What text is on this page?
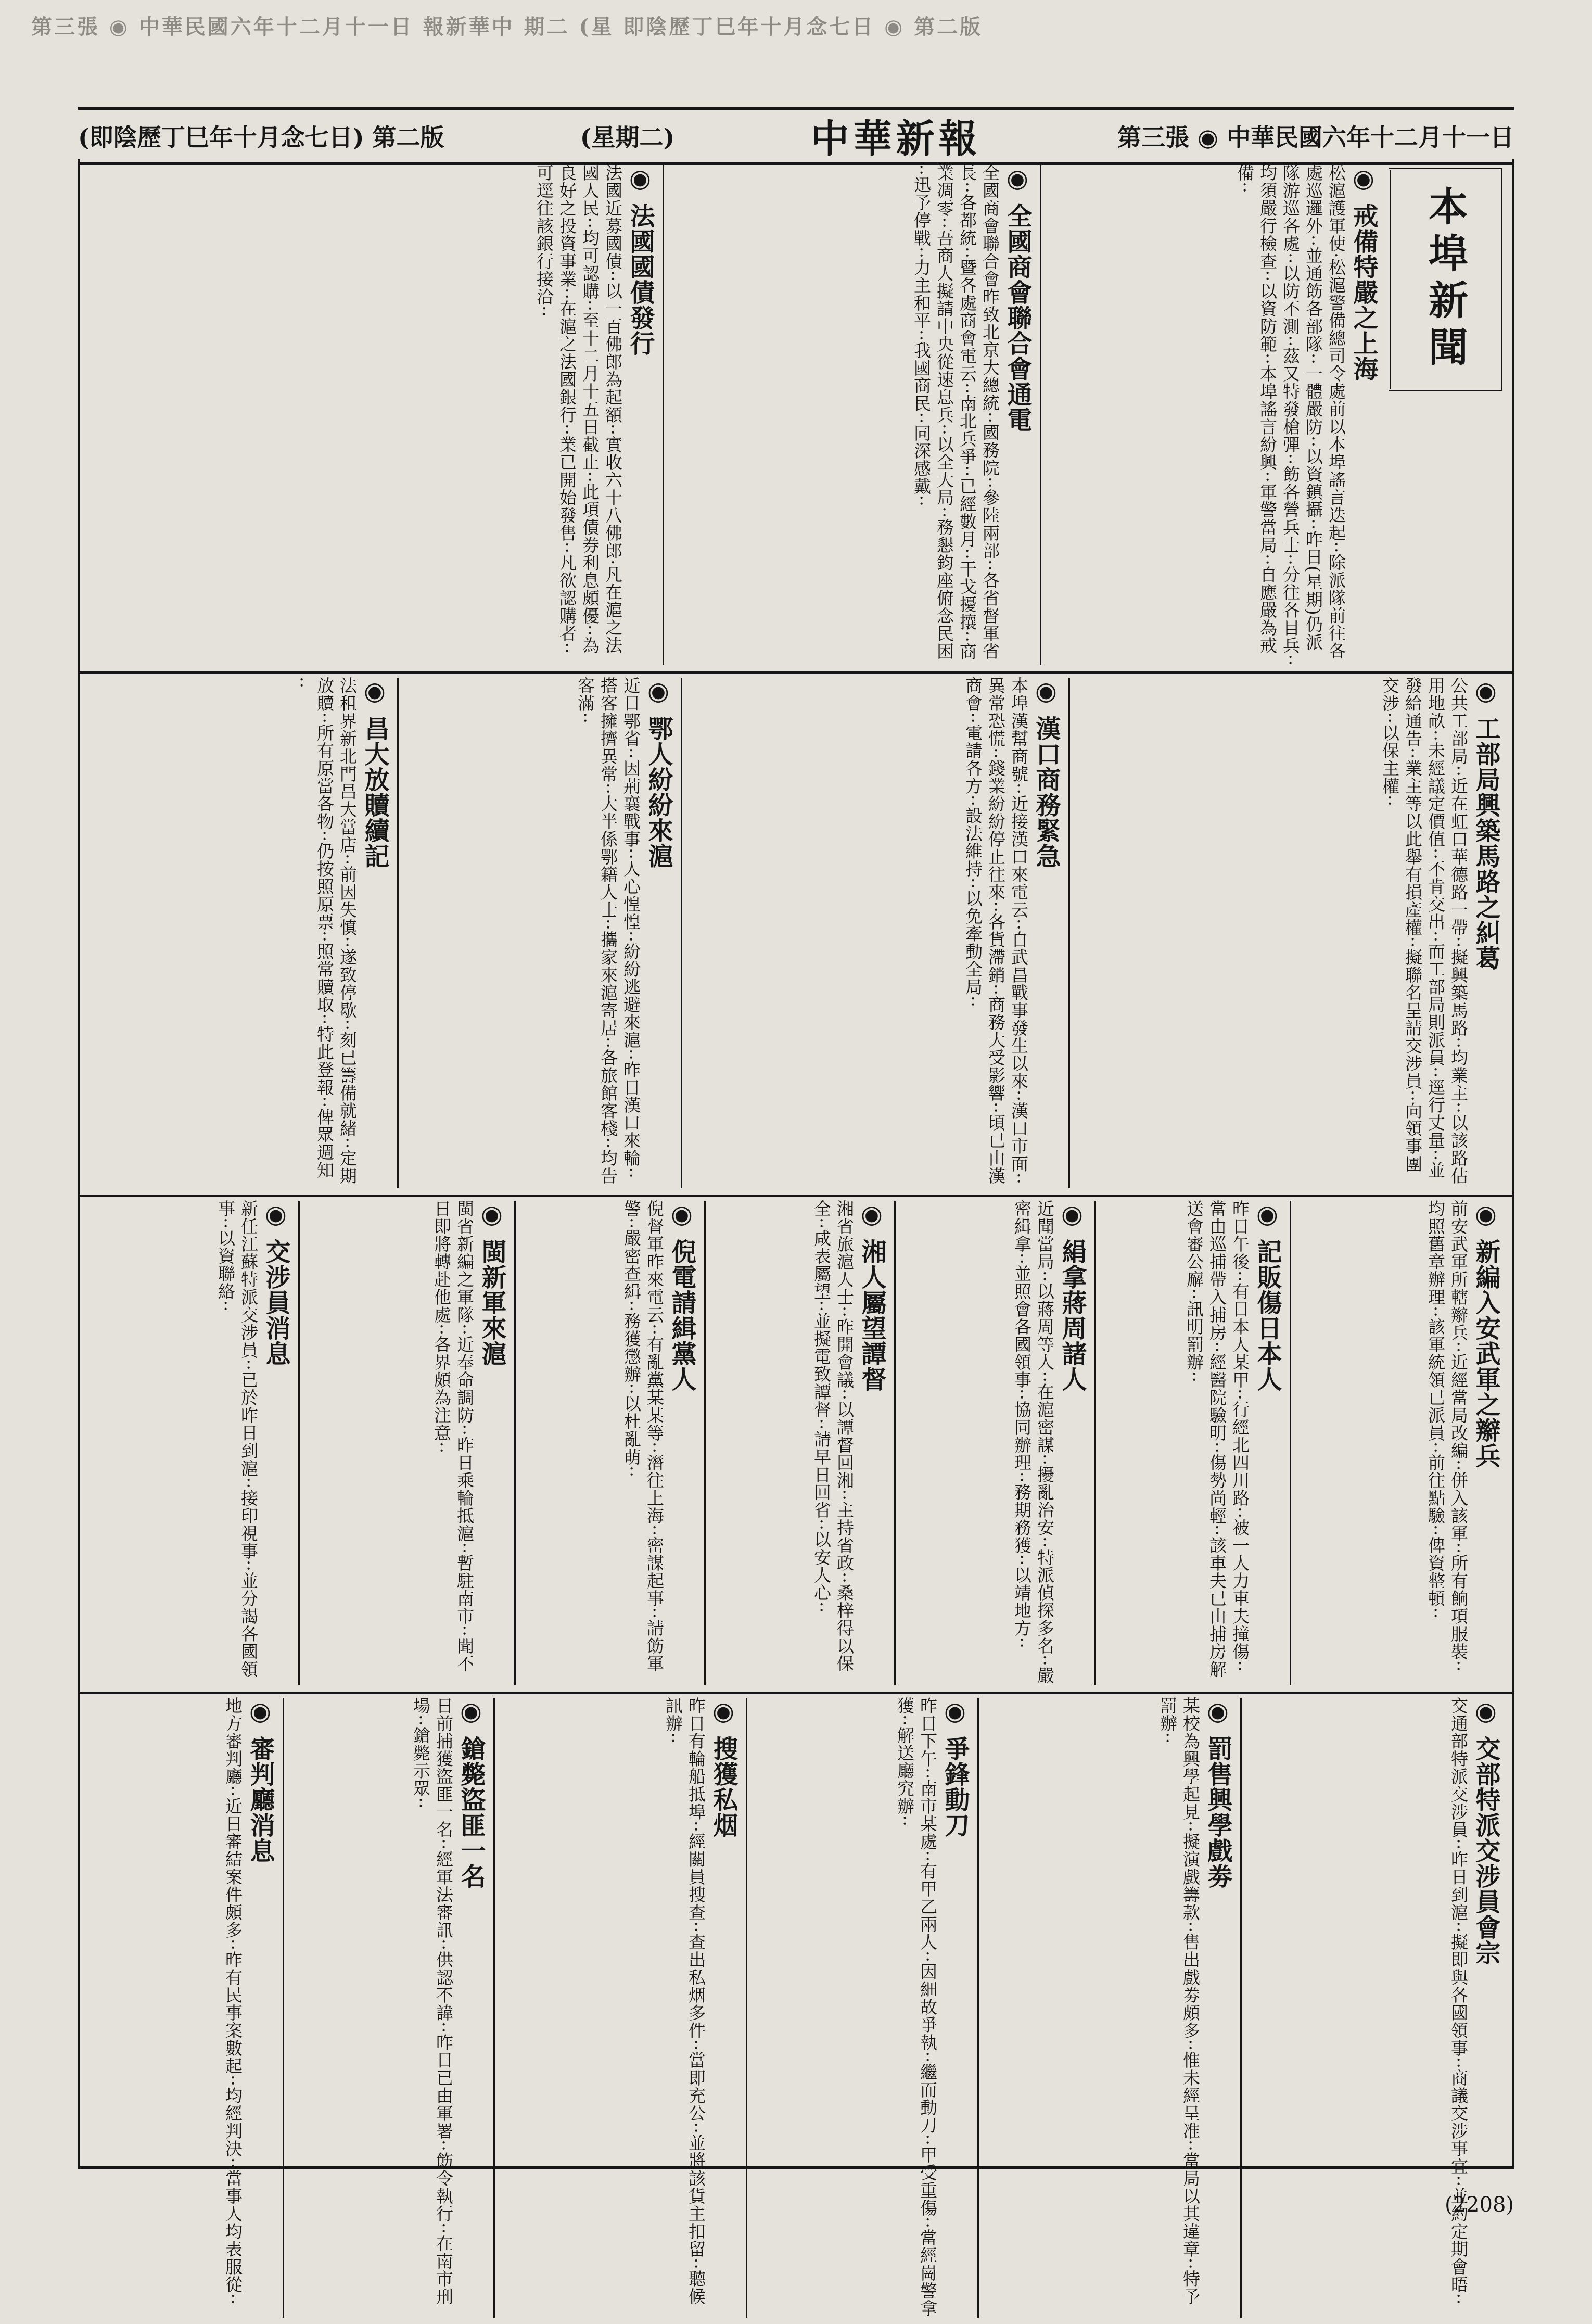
第三張 ◉ 中華民國六年十二月十一日 報新華中 期二 (星 即陰歷丁巳年十月念七日 ◉ 第二版
(即陰歷丁巳年十月念七日) 第二版	(星期二)	中華新報	第三張 ◉ 中華民國六年十二月十一日
本埠新聞
◉ 戒備特嚴之上海
松滬護軍使·松滬警備總司令處前以本埠謠言迭起··除派隊前往各處巡邏外··並通飭各部隊··一體嚴防··以資鎮攝··昨日(星期)仍派隊游巡各處··以防不測··茲又特發槍彈··飭各營兵士··分往各目兵··均須嚴行檢查··以資防範··本埠謠言紛興··軍警當局··自應嚴為戒備··
◉ 全國商會聯合會通電
全國商會聯合會昨致北京大總統··國務院··參陸兩部··各省督軍省長··各都統··暨各處商會電云··南北兵爭··已經數月··干戈擾攘··商業凋零··吾商人擬請中央從速息兵··以全大局··務懇鈞座俯念民困··迅予停戰··力主和平··我國商民··同深感戴··
◉ 法國國債發行
法國近募國債··以一百佛郎為起額··實收六十八佛郎·凡在滬之法國人民··均可認購··至十二月十五日截止··此項債券利息頗優··為良好之投資事業··在滬之法國銀行··業已開始發售··凡欲認購者··可逕往該銀行接洽··
◉ 工部局興築馬路之糾葛
公共工部局··近在虹口華德路一帶··擬興築馬路··均業主··以該路佔用地畝··未經議定價值··不肯交出··而工部局則派員··逕行丈量··並發給通告··業主等以此舉有損產權··擬聯名呈請交涉員··向領事團交涉··以保主權··
◉ 漢口商務緊急
本埠漢幫商號··近接漢口來電云··自武昌戰事發生以來··漢口市面··異常恐慌··錢業紛紛停止往來··各貨滯銷··商務大受影響··頃已由漢商會··電請各方··設法維持··以免牽動全局··
◉ 鄂人紛紛來滬
近日鄂省··因荊襄戰事··人心惶惶··紛紛逃避來滬··昨日漢口來輪··搭客擁擠異常··大半係鄂籍人士··攜家來滬寄居··各旅館客棧··均告客滿··
◉ 昌大放贖續記
法租界新北門昌大當店··前因失慎··遂致停歇··刻已籌備就緒··定期放贖··所有原當各物··仍按照原票··照常贖取··特此登報··俾眾週知··
◉ 新編入安武軍之辮兵
前安武軍所轄辮兵··近經當局改編··併入該軍··所有餉項服裝··均照舊章辦理··該軍統領已派員··前往點驗··俾資整頓··
◉ 記販傷日本人
昨日午後··有日本人某甲··行經北四川路··被一人力車夫撞傷··當由巡捕帶入捕房··經醫院驗明··傷勢尚輕··該車夫已由捕房解送會審公廨··訊明罰辦··
◉ 絹拿蔣周諸人
近聞當局··以蔣周等人··在滬密謀··擾亂治安··特派偵探多名··嚴密緝拿··並照會各國領事··協同辦理··務期務獲··以靖地方··
◉ 湘人屬望譚督
湘省旅滬人士··昨開會議··以譚督回湘··主持省政··桑梓得以保全··咸表屬望··並擬電致譚督··請早日回省··以安人心··
◉ 倪電請緝黨人
倪督軍昨來電云··有亂黨某某等··潛往上海··密謀起事··請飭軍警··嚴密查緝··務獲懲辦··以杜亂萌··
◉ 閩新軍來滬
閩省新編之軍隊··近奉命調防··昨日乘輪抵滬··暫駐南市··聞不日即將轉赴他處··各界頗為注意··
◉ 交涉員消息
新任江蘇特派交涉員··已於昨日到滬··接印視事··並分謁各國領事··以資聯絡··
◉ 交部特派交涉員會宗
交通部特派交涉員··昨日到滬··擬即與各國領事··商議交涉事宜··並約定期會晤··
◉ 罰售興學戲劵
某校為興學起見··擬演戲籌款··售出戲劵頗多··惟未經呈准··當局以其違章··特予罰辦··
◉ 爭鋒動刀
昨日下午··南市某處··有甲乙兩人··因細故爭執··繼而動刀··甲受重傷··當經崗警拿獲··解送廳究辦··
◉ 搜獲私烟
昨日有輪船抵埠··經關員搜查··查出私烟多件··當即充公··並將該貨主扣留··聽候訊辦··
◉ 鎗斃盜匪一名
日前捕獲盜匪一名··經軍法審訊··供認不諱··昨日已由軍署··飭令執行··在南市刑場··鎗斃示眾··
◉ 審判廳消息
地方審判廳··近日審結案件頗多··昨有民事案數起··均經判決··當事人均表服從··	(2208)
